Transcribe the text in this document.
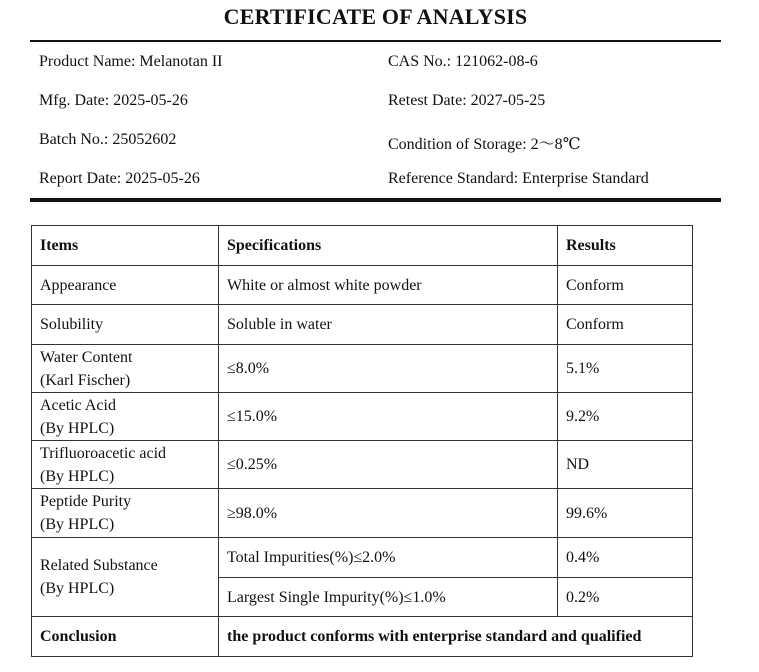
CERTIFICATE OF ANALYSIS
Product Name: Melanotan II	CAS No.: 121062-08-6
Mfg. Date: 2025-05-26	Retest Date: 2027-05-25
Batch No.: 25052602	Condition of Storage: 2～8℃
Report Date: 2025-05-26	Reference Standard: Enterprise Standard
Items	Specifications	Results
Appearance	White or almost white powder	Conform
Solubility	Soluble in water	Conform
Water Content
(Karl Fischer)	≤8.0%	5.1%
Acetic Acid
(By HPLC)	≤15.0%	9.2%
Trifluoroacetic acid
(By HPLC)	≤0.25%	ND
Peptide Purity
(By HPLC)	≥98.0%	99.6%
Related Substance
(By HPLC)	Total Impurities(%)≤2.0%	0.4%
	Largest Single Impurity(%)≤1.0%	0.2%
Conclusion	the product conforms with enterprise standard and qualified	
